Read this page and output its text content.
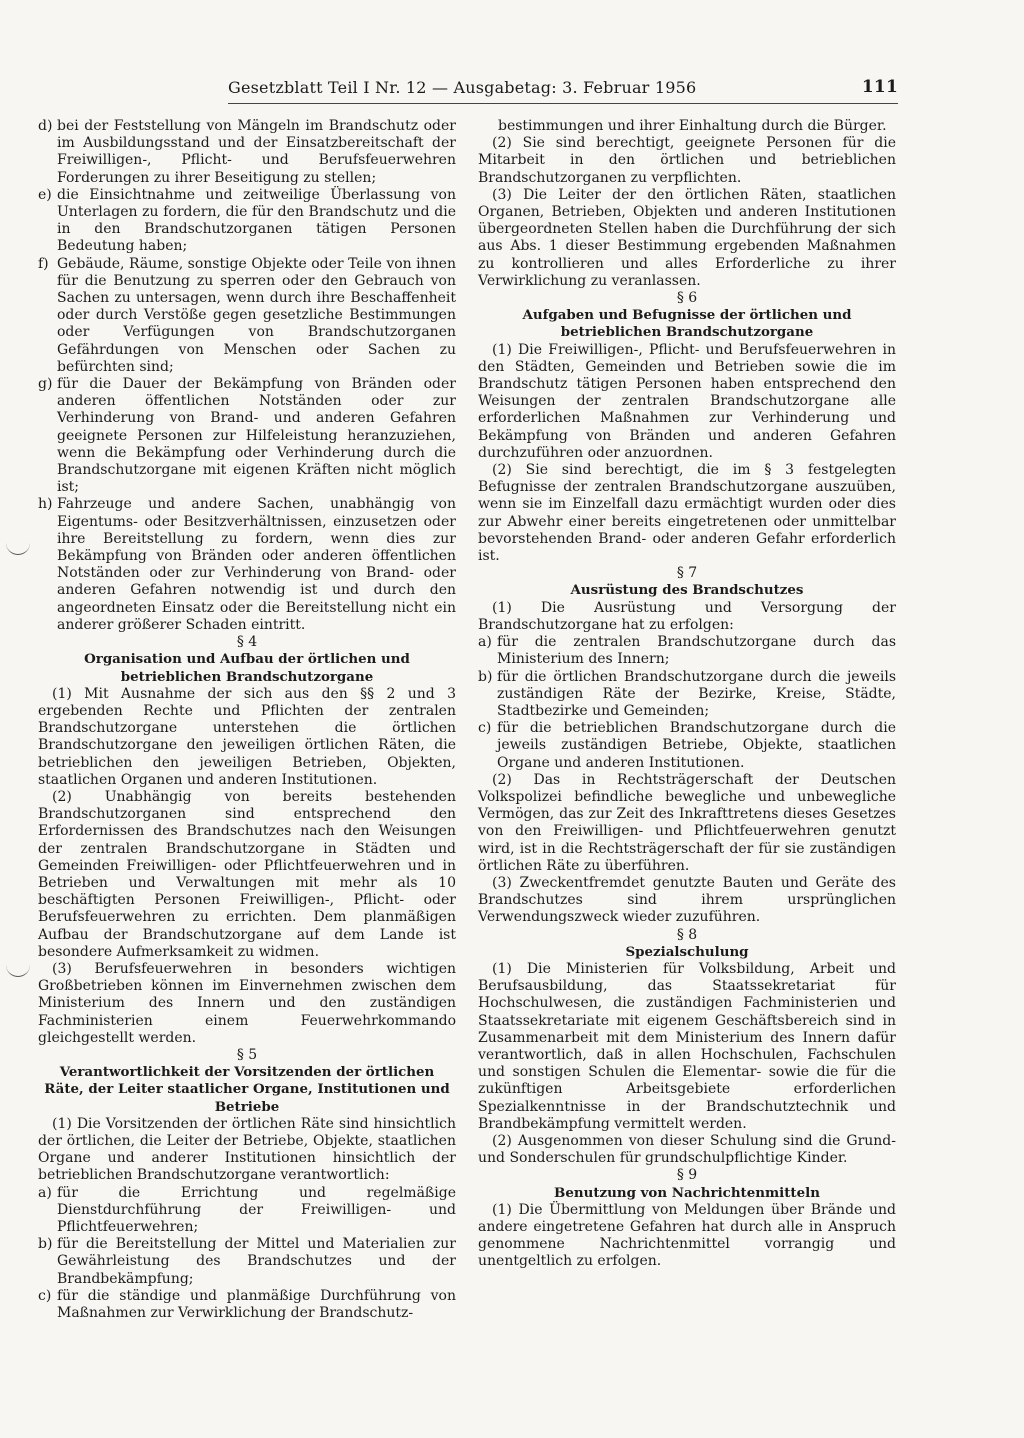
Gesetzblatt Teil I Nr. 12 — Ausgabetag: 3. Februar 1956	111
d) bei der Feststellung von Mängeln im Brandschutz oder im Ausbildungsstand und der Einsatzbereitschaft der Freiwilligen-, Pflicht- und Berufsfeuerwehren Forderungen zu ihrer Beseitigung zu stellen;
e) die Einsichtnahme und zeitweilige Überlassung von Unterlagen zu fordern, die für den Brandschutz und die in den Brandschutzorganen tätigen Personen Bedeutung haben;
f) Gebäude, Räume, sonstige Objekte oder Teile von ihnen für die Benutzung zu sperren oder den Gebrauch von Sachen zu untersagen, wenn durch ihre Beschaffenheit oder durch Verstöße gegen gesetzliche Bestimmungen oder Verfügungen von Brandschutzorganen Gefährdungen von Menschen oder Sachen zu befürchten sind;
g) für die Dauer der Bekämpfung von Bränden oder anderen öffentlichen Notständen oder zur Verhinderung von Brand- und anderen Gefahren geeignete Personen zur Hilfeleistung heranzuziehen, wenn die Bekämpfung oder Verhinderung durch die Brandschutzorgane mit eigenen Kräften nicht möglich ist;
h) Fahrzeuge und andere Sachen, unabhängig von Eigentums- oder Besitzverhältnissen, einzusetzen oder ihre Bereitstellung zu fordern, wenn dies zur Bekämpfung von Bränden oder anderen öffentlichen Notständen oder zur Verhinderung von Brand- oder anderen Gefahren notwendig ist und durch den angeordneten Einsatz oder die Bereitstellung nicht ein anderer größerer Schaden eintritt.

§ 4

Organisation und Aufbau der örtlichen und betrieblichen Brandschutzorgane

(1) Mit Ausnahme der sich aus den §§ 2 und 3 ergebenden Rechte und Pflichten der zentralen Brandschutzorgane unterstehen die örtlichen Brandschutzorgane den jeweiligen örtlichen Räten, die betrieblichen den jeweiligen Betrieben, Objekten, staatlichen Organen und anderen Institutionen.

(2) Unabhängig von bereits bestehenden Brandschutzorganen sind entsprechend den Erfordernissen des Brandschutzes nach den Weisungen der zentralen Brandschutzorgane in Städten und Gemeinden Freiwilligen- oder Pflichtfeuerwehren und in Betrieben und Verwaltungen mit mehr als 10 beschäftigten Personen Freiwilligen-, Pflicht- oder Berufsfeuerwehren zu errichten. Dem planmäßigen Aufbau der Brandschutzorgane auf dem Lande ist besondere Aufmerksamkeit zu widmen.

(3) Berufsfeuerwehren in besonders wichtigen Großbetrieben können im Einvernehmen zwischen dem Ministerium des Innern und den zuständigen Fachministerien einem Feuerwehrkommando gleichgestellt werden.

§ 5

Verantwortlichkeit der Vorsitzenden der örtlichen Räte, der Leiter staatlicher Organe, Institutionen und Betriebe

(1) Die Vorsitzenden der örtlichen Räte sind hinsichtlich der örtlichen, die Leiter der Betriebe, Objekte, staatlichen Organe und anderer Institutionen hinsichtlich der betrieblichen Brandschutzorgane verantwortlich:

a) für die Errichtung und regelmäßige Dienstdurchführung der Freiwilligen- und Pflichtfeuerwehren;
b) für die Bereitstellung der Mittel und Materialien zur Gewährleistung des Brandschutzes und der Brandbekämpfung;
c) für die ständige und planmäßige Durchführung von Maßnahmen zur Verwirklichung der Brandschutz-

bestimmungen und ihrer Einhaltung durch die Bürger.

(2) Sie sind berechtigt, geeignete Personen für die Mitarbeit in den örtlichen und betrieblichen Brandschutzorganen zu verpflichten.

(3) Die Leiter der den örtlichen Räten, staatlichen Organen, Betrieben, Objekten und anderen Institutionen übergeordneten Stellen haben die Durchführung der sich aus Abs. 1 dieser Bestimmung ergebenden Maßnahmen zu kontrollieren und alles Erforderliche zu ihrer Verwirklichung zu veranlassen.

§ 6

Aufgaben und Befugnisse der örtlichen und betrieblichen Brandschutzorgane

(1) Die Freiwilligen-, Pflicht- und Berufsfeuerwehren in den Städten, Gemeinden und Betrieben sowie die im Brandschutz tätigen Personen haben entsprechend den Weisungen der zentralen Brandschutzorgane alle erforderlichen Maßnahmen zur Verhinderung und Bekämpfung von Bränden und anderen Gefahren durchzuführen oder anzuordnen.

(2) Sie sind berechtigt, die im § 3 festgelegten Befugnisse der zentralen Brandschutzorgane auszuüben, wenn sie im Einzelfall dazu ermächtigt wurden oder dies zur Abwehr einer bereits eingetretenen oder unmittelbar bevorstehenden Brand- oder anderen Gefahr erforderlich ist.

§ 7

Ausrüstung des Brandschutzes

(1) Die Ausrüstung und Versorgung der Brandschutzorgane hat zu erfolgen:

a) für die zentralen Brandschutzorgane durch das Ministerium des Innern;
b) für die örtlichen Brandschutzorgane durch die jeweils zuständigen Räte der Bezirke, Kreise, Städte, Stadtbezirke und Gemeinden;
c) für die betrieblichen Brandschutzorgane durch die jeweils zuständigen Betriebe, Objekte, staatlichen Organe und anderen Institutionen.

(2) Das in Rechtsträgerschaft der Deutschen Volkspolizei befindliche bewegliche und unbewegliche Vermögen, das zur Zeit des Inkrafttretens dieses Gesetzes von den Freiwilligen- und Pflichtfeuerwehren genutzt wird, ist in die Rechtsträgerschaft der für sie zuständigen örtlichen Räte zu überführen.

(3) Zweckentfremdet genutzte Bauten und Geräte des Brandschutzes sind ihrem ursprünglichen Verwendungszweck wieder zuzuführen.

§ 8

Spezialschulung

(1) Die Ministerien für Volksbildung, Arbeit und Berufsausbildung, das Staatssekretariat für Hochschulwesen, die zuständigen Fachministerien und Staatssekretariate mit eigenem Geschäftsbereich sind in Zusammenarbeit mit dem Ministerium des Innern dafür verantwortlich, daß in allen Hochschulen, Fachschulen und sonstigen Schulen die Elementar- sowie die für die zukünftigen Arbeitsgebiete erforderlichen Spezialkenntnisse in der Brandschutztechnik und Brandbekämpfung vermittelt werden.

(2) Ausgenommen von dieser Schulung sind die Grund- und Sonderschulen für grundschulpflichtige Kinder.

§ 9

Benutzung von Nachrichtenmitteln

(1) Die Übermittlung von Meldungen über Brände und andere eingetretene Gefahren hat durch alle in Anspruch genommene Nachrichtenmittel vorrangig und unentgeltlich zu erfolgen.
